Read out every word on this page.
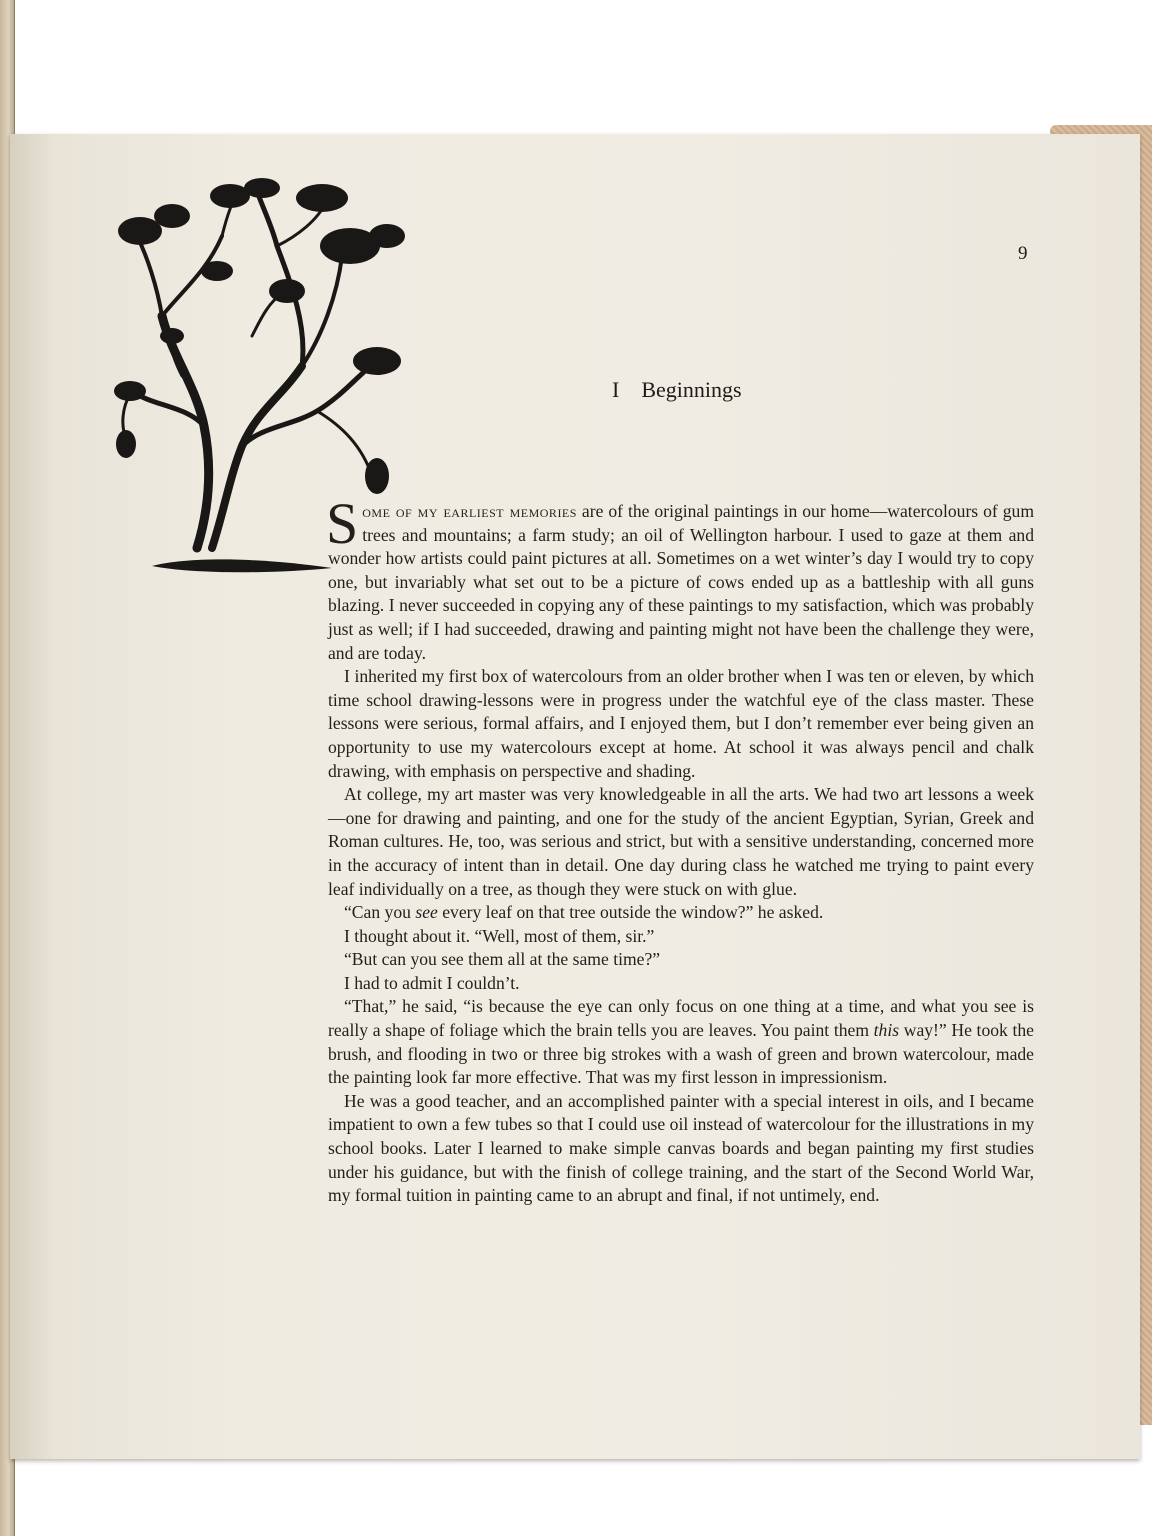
9
I Beginnings

Some of my earliest memories are of the original paintings in our home—watercolours of gum trees and mountains; a farm study; an oil of Wellington harbour. I used to gaze at them and wonder how artists could paint pictures at all. Sometimes on a wet winter’s day I would try to copy one, but invariably what set out to be a picture of cows ended up as a battleship with all guns blazing. I never succeeded in copying any of these paintings to my satisfaction, which was probably just as well; if I had succeeded, drawing and painting might not have been the challenge they were, and are today.

I inherited my first box of watercolours from an older brother when I was ten or eleven, by which time school drawing-lessons were in progress under the watchful eye of the class master. These lessons were serious, formal affairs, and I enjoyed them, but I don’t remember ever being given an opportunity to use my watercolours except at home. At school it was always pencil and chalk drawing, with emphasis on perspective and shading.

At college, my art master was very knowledgeable in all the arts. We had two art lessons a week—one for drawing and painting, and one for the study of the ancient Egyptian, Syrian, Greek and Roman cultures. He, too, was serious and strict, but with a sensitive understanding, concerned more in the accuracy of intent than in detail. One day during class he watched me trying to paint every leaf individually on a tree, as though they were stuck on with glue.

“Can you see every leaf on that tree outside the window?” he asked.

I thought about it. “Well, most of them, sir.”

“But can you see them all at the same time?”

I had to admit I couldn’t.

“That,” he said, “is because the eye can only focus on one thing at a time, and what you see is really a shape of foliage which the brain tells you are leaves. You paint them this way!” He took the brush, and flooding in two or three big strokes with a wash of green and brown watercolour, made the painting look far more effective. That was my first lesson in impressionism.

He was a good teacher, and an accomplished painter with a special interest in oils, and I became impatient to own a few tubes so that I could use oil instead of watercolour for the illustrations in my school books. Later I learned to make simple canvas boards and began painting my first studies under his guidance, but with the finish of college training, and the start of the Second World War, my formal tuition in painting came to an abrupt and final, if not untimely, end.
